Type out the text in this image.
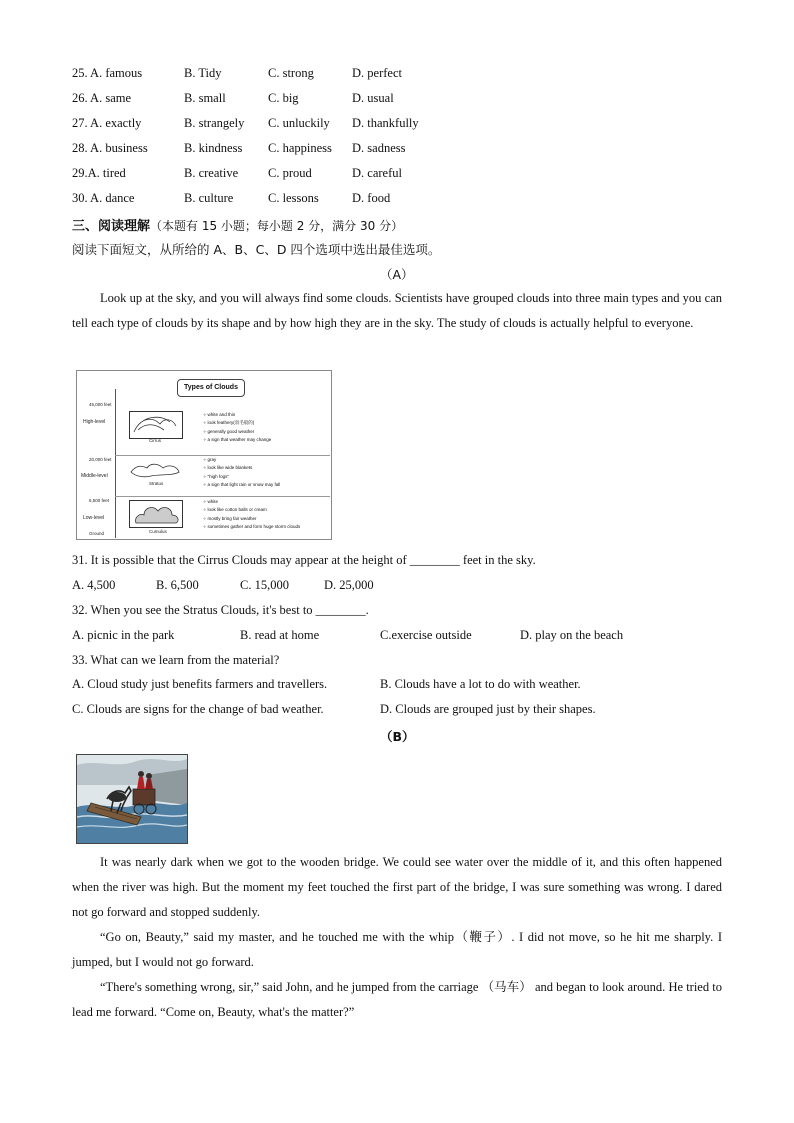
25. A. famous	B. Tidy	C. strong	D. perfect
26. A. same	B. small	C. big	D. usual
27. A. exactly	B. strangely C. unluckily D. thankfully
28. A. business	B. kindness C. happiness D. sadness
29.A. tired	B. creative C. proud	D. careful
30. A. dance	B. culture	C. lessons	D. food
三、阅读理解（本题有 15 小题；每小题 2 分，满分 30 分）
阅读下面短文，从所给的 A、B、C、D 四个选项中选出最佳选项。
（A）

Look up at the sky, and you will always find some clouds. Scientists have grouped clouds into three main types and you can tell each type of clouds by its shape and by how high they are in the sky. The study of clouds is actually helpful to everyone.

Types of Clouds
45,000 feet
High-level
Cirrus
✧ white and thin
✧ look feathery(羽毛般的)
✧ generally good weather
✧ a sign that weather may change
20,000 feet
Middle-level
Stratus
✧ gray
✧ look like wide blankets
✧ "high fogs"
✧ a sign that light rain or snow may fall
6,500 feet
Low-level
Cumulus
✧ white
✧ look like cotton balls or cream
✧ mostly bring fair weather
✧ sometimes gather and form huge storm clouds
Ground
31. It is possible that the Cirrus Clouds may appear at the height of ________ feet in the sky.
A. 4,500	B. 6,500	C. 15,000	D. 25,000
32. When you see the Stratus Clouds, it's best to ________.
A. picnic in the park	B. read at home	C.exercise outside	D. play on the beach
33. What can we learn from the material?
A. Cloud study just benefits farmers and travellers.	B. Clouds have a lot to do with weather.
C. Clouds are signs for the change of bad weather.	D. Clouds are grouped just by their shapes.
（B）

It was nearly dark when we got to the wooden bridge. We could see water over the middle of it, and this often happened when the river was high. But the moment my feet touched the first part of the bridge, I was sure something was wrong. I dared not go forward and stopped suddenly.

“Go on, Beauty,” said my master, and he touched me with the whip（鞭子）. I did not move, so he hit me sharply. I jumped, but I would not go forward.

“There's something wrong, sir,” said John, and he jumped from the carriage （马车） and began to look around. He tried to lead me forward. “Come on, Beauty, what's the matter?”
